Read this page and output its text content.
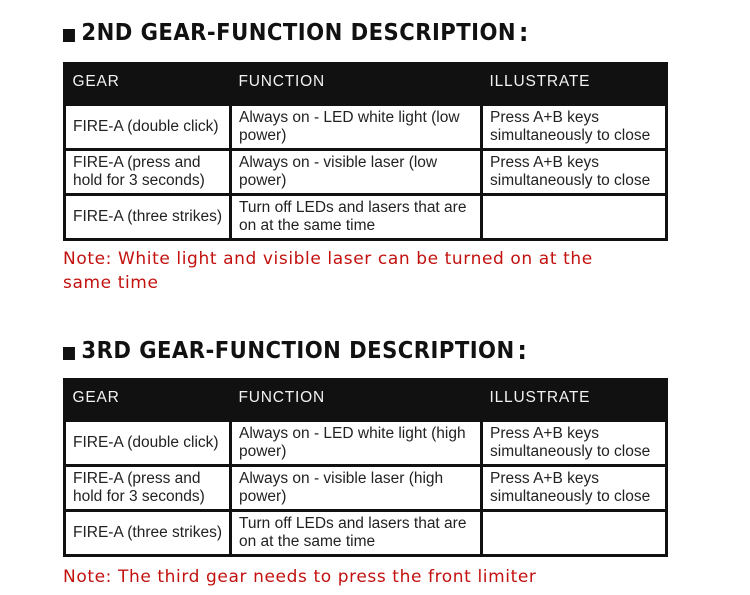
2ND GEAR-FUNCTION DESCRIPTION :
GEAR	FUNCTION	ILLUSTRATE
FIRE-A (double click)	Always on - LED white light (low power)	Press A+B keys simultaneously to close
FIRE-A (press and hold for 3 seconds)	Always on - visible laser (low power)	Press A+B keys simultaneously to close
FIRE-A (three strikes)	Turn off LEDs and lasers that are on at the same time	
Note: White light and visible laser can be turned on at the same time
3RD GEAR-FUNCTION DESCRIPTION :
GEAR	FUNCTION	ILLUSTRATE
FIRE-A (double click)	Always on - LED white light (high power)	Press A+B keys simultaneously to close
FIRE-A (press and hold for 3 seconds)	Always on - visible laser (high power)	Press A+B keys simultaneously to close
FIRE-A (three strikes)	Turn off LEDs and lasers that are on at the same time	
Note: The third gear needs to press the front limiter
